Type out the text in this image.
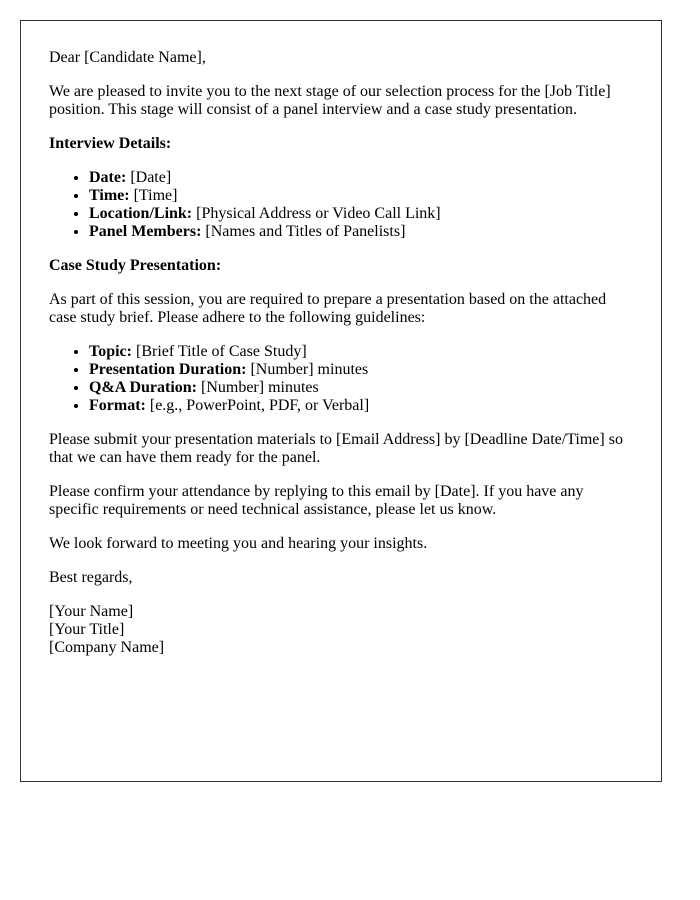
Dear [Candidate Name],

We are pleased to invite you to the next stage of our selection process for the [Job Title] position. This stage will consist of a panel interview and a case study presentation.

Interview Details:

• Date: [Date]
• Time: [Time]
• Location/Link: [Physical Address or Video Call Link]
• Panel Members: [Names and Titles of Panelists]

Case Study Presentation:

As part of this session, you are required to prepare a presentation based on the attached case study brief. Please adhere to the following guidelines:

• Topic: [Brief Title of Case Study]
• Presentation Duration: [Number] minutes
• Q&A Duration: [Number] minutes
• Format: [e.g., PowerPoint, PDF, or Verbal]

Please submit your presentation materials to [Email Address] by [Deadline Date/Time] so that we can have them ready for the panel.

Please confirm your attendance by replying to this email by [Date]. If you have any specific requirements or need technical assistance, please let us know.

We look forward to meeting you and hearing your insights.

Best regards,

[Your Name]
[Your Title]
[Company Name]
